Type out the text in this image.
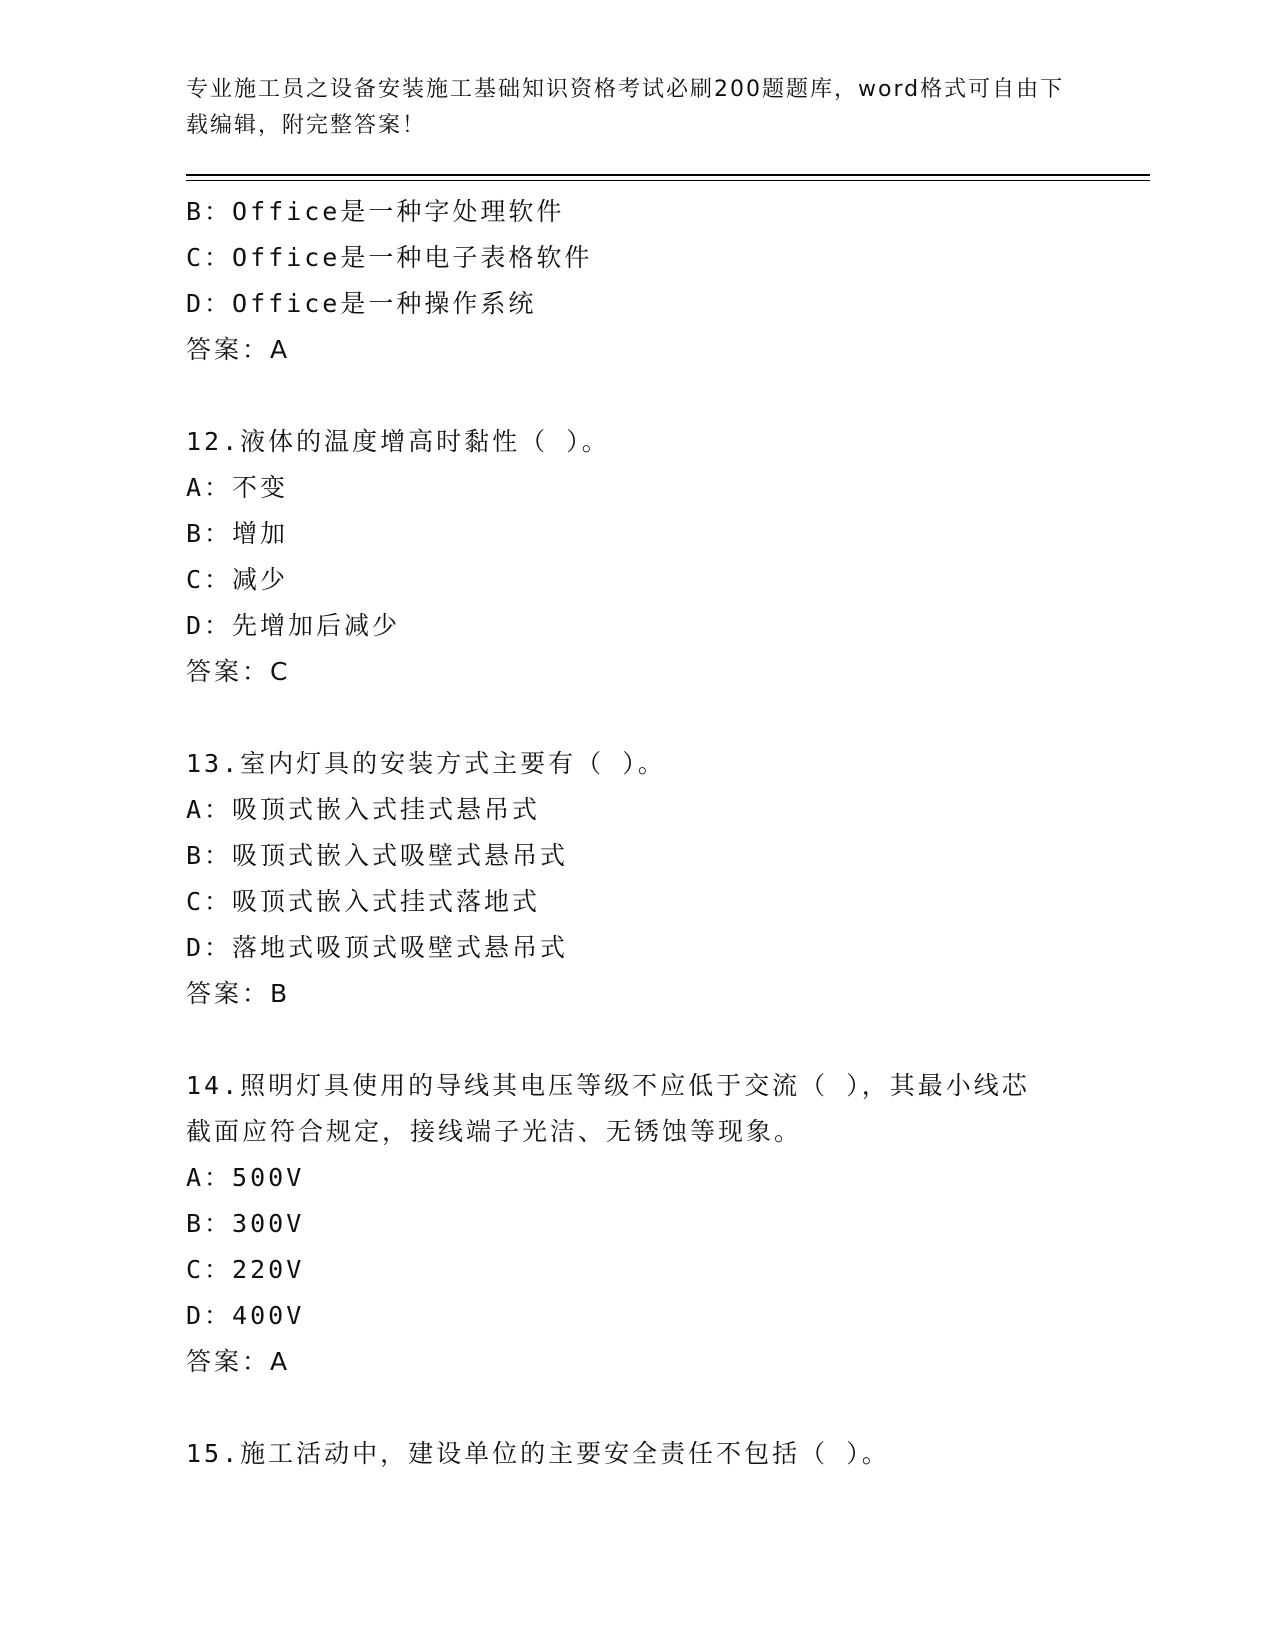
专业施工员之设备安装施工基础知识资格考试必刷200题题库，word格式可自由下载编辑，附完整答案！
B：Office是一种字处理软件
C：Office是一种电子表格软件
D：Office是一种操作系统
答案：A
12.液体的温度增高时黏性（ ）。
A：不变
B：增加
C：减少
D：先增加后减少
答案：C
13.室内灯具的安装方式主要有（ ）。
A：吸顶式嵌入式挂式悬吊式
B：吸顶式嵌入式吸壁式悬吊式
C：吸顶式嵌入式挂式落地式
D：落地式吸顶式吸壁式悬吊式
答案：B
14.照明灯具使用的导线其电压等级不应低于交流（ ），其最小线芯
截面应符合规定，接线端子光洁、无锈蚀等现象。
A：500V
B：300V
C：220V
D：400V
答案：A
15.施工活动中，建设单位的主要安全责任不包括（ ）。
